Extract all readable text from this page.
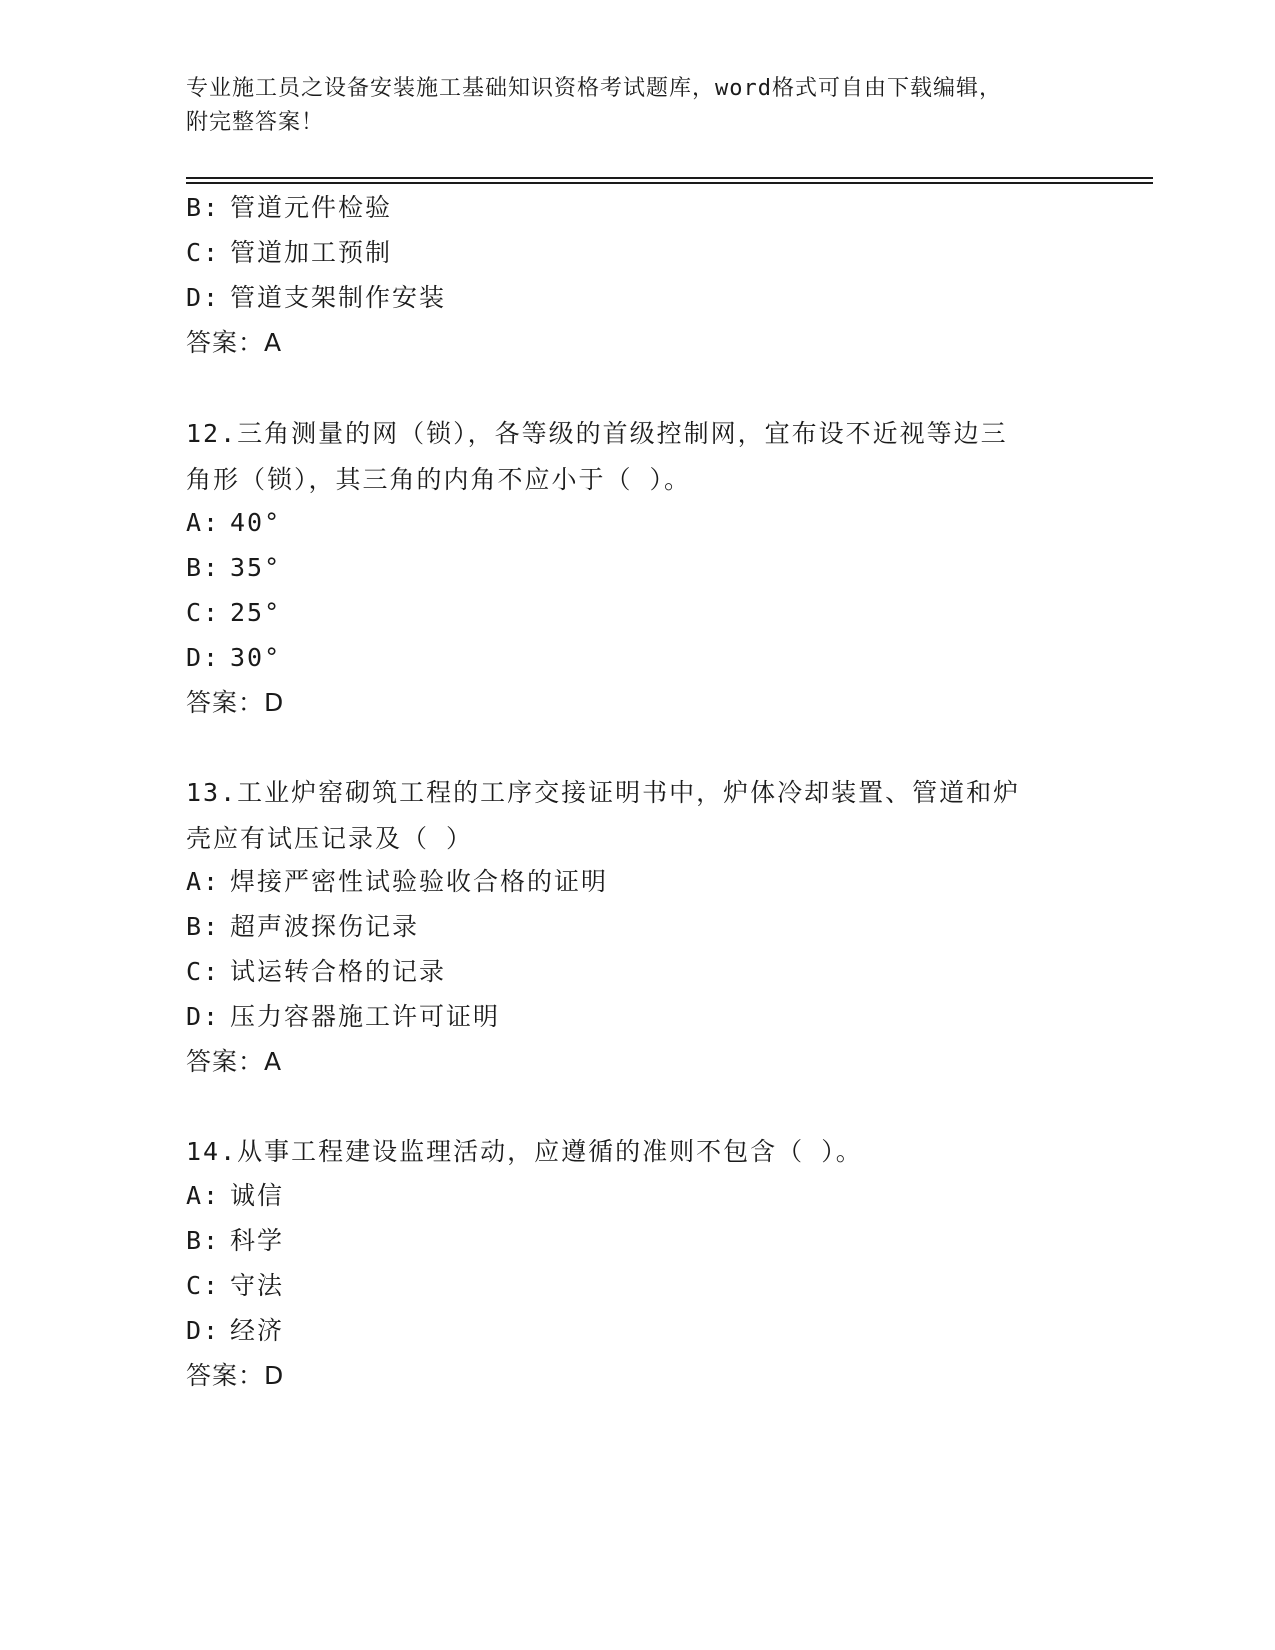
专业施工员之设备安装施工基础知识资格考试题库，word格式可自由下载编辑，
附完整答案！
B: 管道元件检验
C: 管道加工预制
D: 管道支架制作安装
答案：A
12.三角测量的网（锁），各等级的首级控制网，宜布设不近视等边三
角形（锁），其三角的内角不应小于（ ）。
A: 40°
B: 35°
C: 25°
D: 30°
答案：D
13.工业炉窑砌筑工程的工序交接证明书中，炉体冷却装置、管道和炉
壳应有试压记录及（ ）
A: 焊接严密性试验验收合格的证明
B: 超声波探伤记录
C: 试运转合格的记录
D: 压力容器施工许可证明
答案：A
14.从事工程建设监理活动，应遵循的准则不包含（ ）。
A: 诚信
B: 科学
C: 守法
D: 经济
答案：D
